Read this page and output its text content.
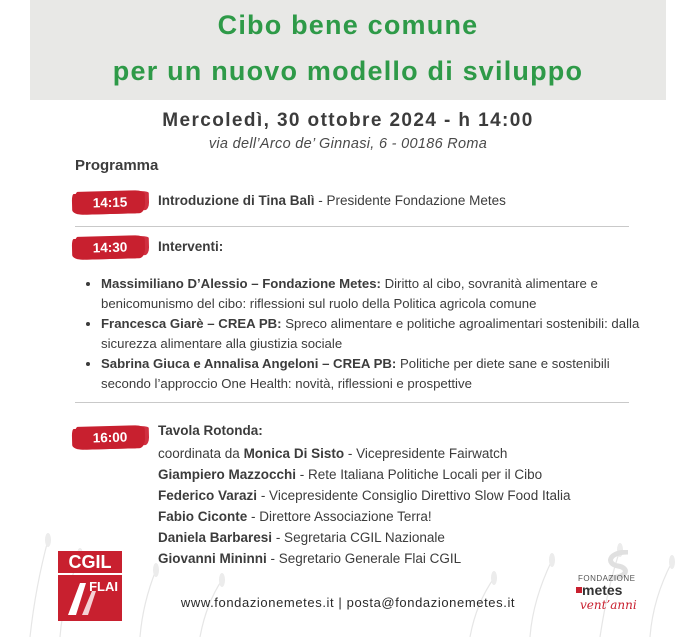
Cibo bene comune
per un nuovo modello di sviluppo
Mercoledì, 30 ottobre 2024 - h 14:00
via dell’Arco de’ Ginnasi, 6 - 00186 Roma
Programma
14:15	Introduzione di Tina Balì - Presidente Fondazione Metes
14:30	Interventi:
• Massimiliano D’Alessio – Fondazione Metes: Diritto al cibo, sovranità alimentare e benicomunismo del cibo: riflessioni sul ruolo della Politica agricola comune
• Francesca Giarè – CREA PB: Spreco alimentare e politiche agroalimentari sostenibili: dalla sicurezza alimentare alla giustizia sociale
• Sabrina Giuca e Annalisa Angeloni – CREA PB: Politiche per diete sane e sostenibili secondo l’approccio One Health: novità, riflessioni e prospettive
16:00	Tavola Rotonda:
coordinata da Monica Di Sisto - Vicepresidente Fairwatch
Giampiero Mazzocchi - Rete Italiana Politiche Locali per il Cibo
Federico Varazi - Vicepresidente Consiglio Direttivo Slow Food Italia
Fabio Ciconte - Direttore Associazione Terra!
Daniela Barbaresi - Segretaria CGIL Nazionale
Giovanni Mininni - Segretario Generale Flai CGIL
CGIL
FLAI
www.fondazionemetes.it | posta@fondazionemetes.it
FONDAZIONE
metes
vent’anni
